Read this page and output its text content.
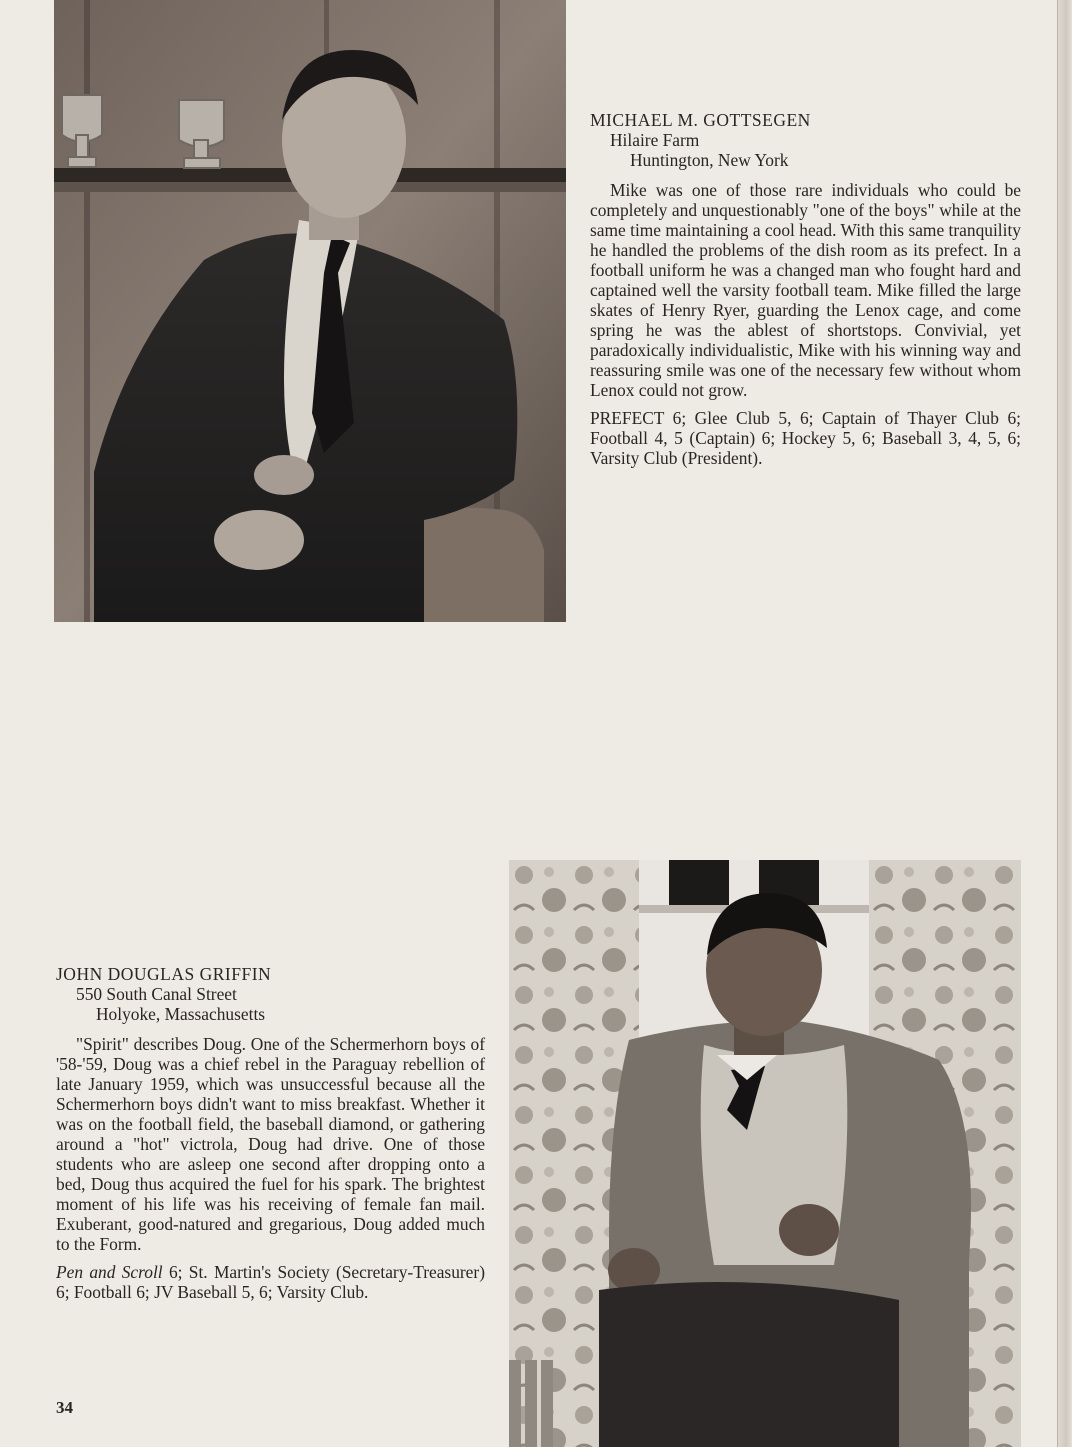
MICHAEL M. GOTTSEGEN

Hilaire Farm

Huntington, New York

Mike was one of those rare individuals who could be completely and unquestionably "one of the boys" while at the same time maintaining a cool head. With this same tranquility he handled the problems of the dish room as its prefect. In a football uniform he was a changed man who fought hard and captained well the varsity football team. Mike filled the large skates of Henry Ryer, guarding the Lenox cage, and come spring he was the ablest of shortstops. Convivial, yet paradoxically individualistic, Mike with his winning way and reassuring smile was one of the necessary few without whom Lenox could not grow.

PREFECT 6; Glee Club 5, 6; Captain of Thayer Club 6; Football 4, 5 (Captain) 6; Hockey 5, 6; Baseball 3, 4, 5, 6; Varsity Club (President).

JOHN DOUGLAS GRIFFIN

550 South Canal Street

Holyoke, Massachusetts

"Spirit" describes Doug. One of the Schermerhorn boys of '58-'59, Doug was a chief rebel in the Paraguay rebellion of late January 1959, which was unsuccessful because all the Schermerhorn boys didn't want to miss breakfast. Whether it was on the football field, the baseball diamond, or gathering around a "hot" victrola, Doug had drive. One of those students who are asleep one second after dropping onto a bed, Doug thus acquired the fuel for his spark. The brightest moment of his life was his receiving of female fan mail. Exuberant, good-natured and gregarious, Doug added much to the Form.

Pen and Scroll 6; St. Martin's Society (Secretary-Treasurer) 6; Football 6; JV Baseball 5, 6; Varsity Club.

34
